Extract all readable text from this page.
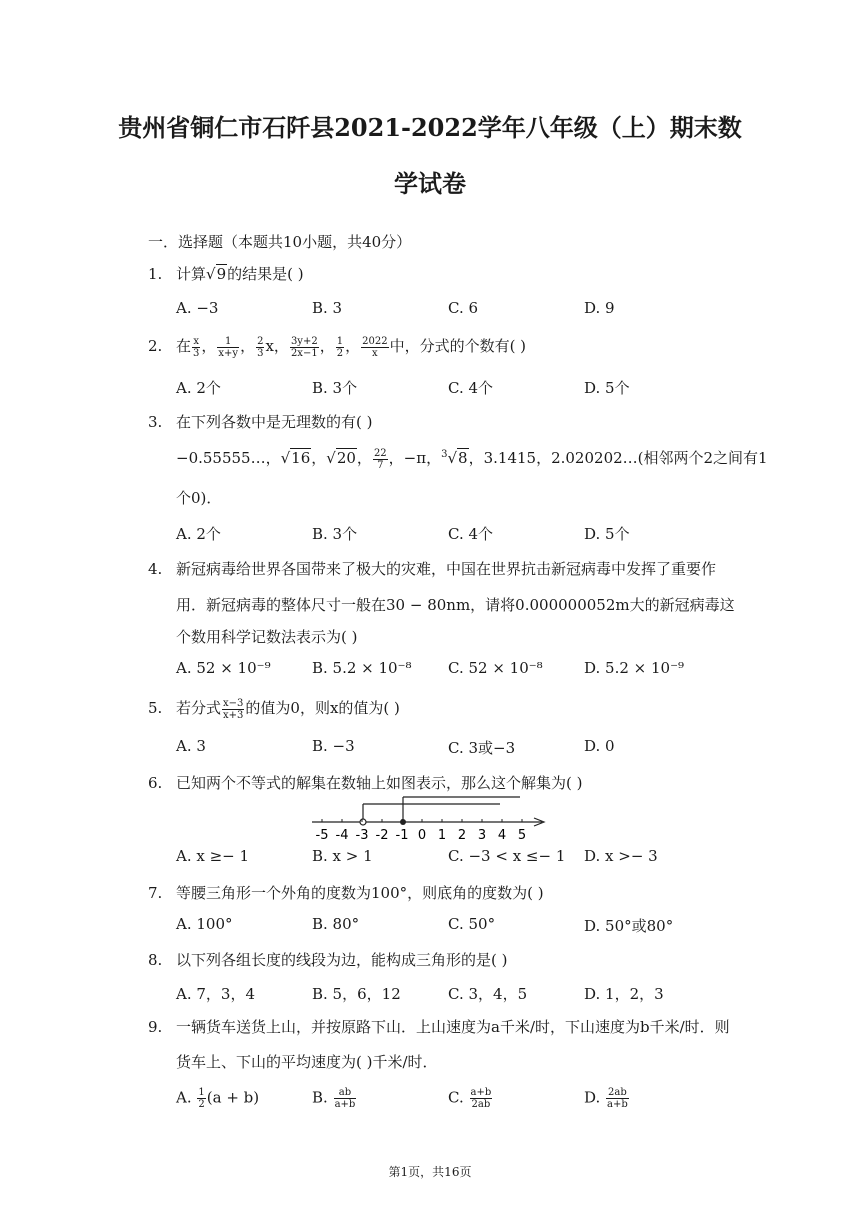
贵州省铜仁市石阡县2021-2022学年八年级（上）期末数
学试卷
一．选择题（本题共10小题，共40分）
1. 计算√9的结果是( )
A. −3	B. 3	C. 6	D. 9
2. 在 $\frac{x}{3}$ ， $\frac{1}{x+y}$ ， $\frac{2}{3}$ x， $\frac{3y+2}{2x-1}$ ， $\frac{1}{2}$ ， $\frac{2022}{x}$ 中，分式的个数有( )
A. 2个	B. 3个	C. 4个	D. 5个
3. 在下列各数中是无理数的有( )
−0.55555…，√16，√20， $\frac{22}{7}$ ，−π，$^3$√8，3.1415，2.020202…(相邻两个2之间有1
个0)．
A. 2个	B. 3个	C. 4个	D. 5个
4. 新冠病毒给世界各国带来了极大的灾难，中国在世界抗击新冠病毒中发挥了重要作
用．新冠病毒的整体尺寸一般在30 − 80nm，请将0.000000052m大的新冠病毒这
个数用科学记数法表示为( )
A. 52 × 10⁻⁹	B. 5.2 × 10⁻⁸ C. 52 × 10⁻⁸	D. 5.2 × 10⁻⁹
5. 若分式 $\frac{x-3}{x+3}$ 的值为0，则x的值为( )
A. 3	B. −3	C. 3或−3	D. 0
6. 已知两个不等式的解集在数轴上如图表示，那么这个解集为( )
-5 -4 -3 -2 -1 0 1 2 3 4 5
A. x ≥− 1	B. x > 1	C. −3 < x ≤− 1 D. x >− 3
7. 等腰三角形一个外角的度数为100°，则底角的度数为( )
A. 100°	B. 80°	C. 50°	D. 50°或80°
8. 以下列各组长度的线段为边，能构成三角形的是( )
A. 7，3，4	B. 5，6，12	C. 3，4，5	D. 1，2，3
9. 一辆货车送货上山，并按原路下山．上山速度为a千米/时，下山速度为b千米/时．则
货车上、下山的平均速度为( )千米/时．
A. $\frac{1}{2} (a + b)$	B. $\frac{ab}{a+b}$	C. $\frac{a+b}{2ab}$	D. $\frac{2ab}{a+b}$
第1页，共16页
